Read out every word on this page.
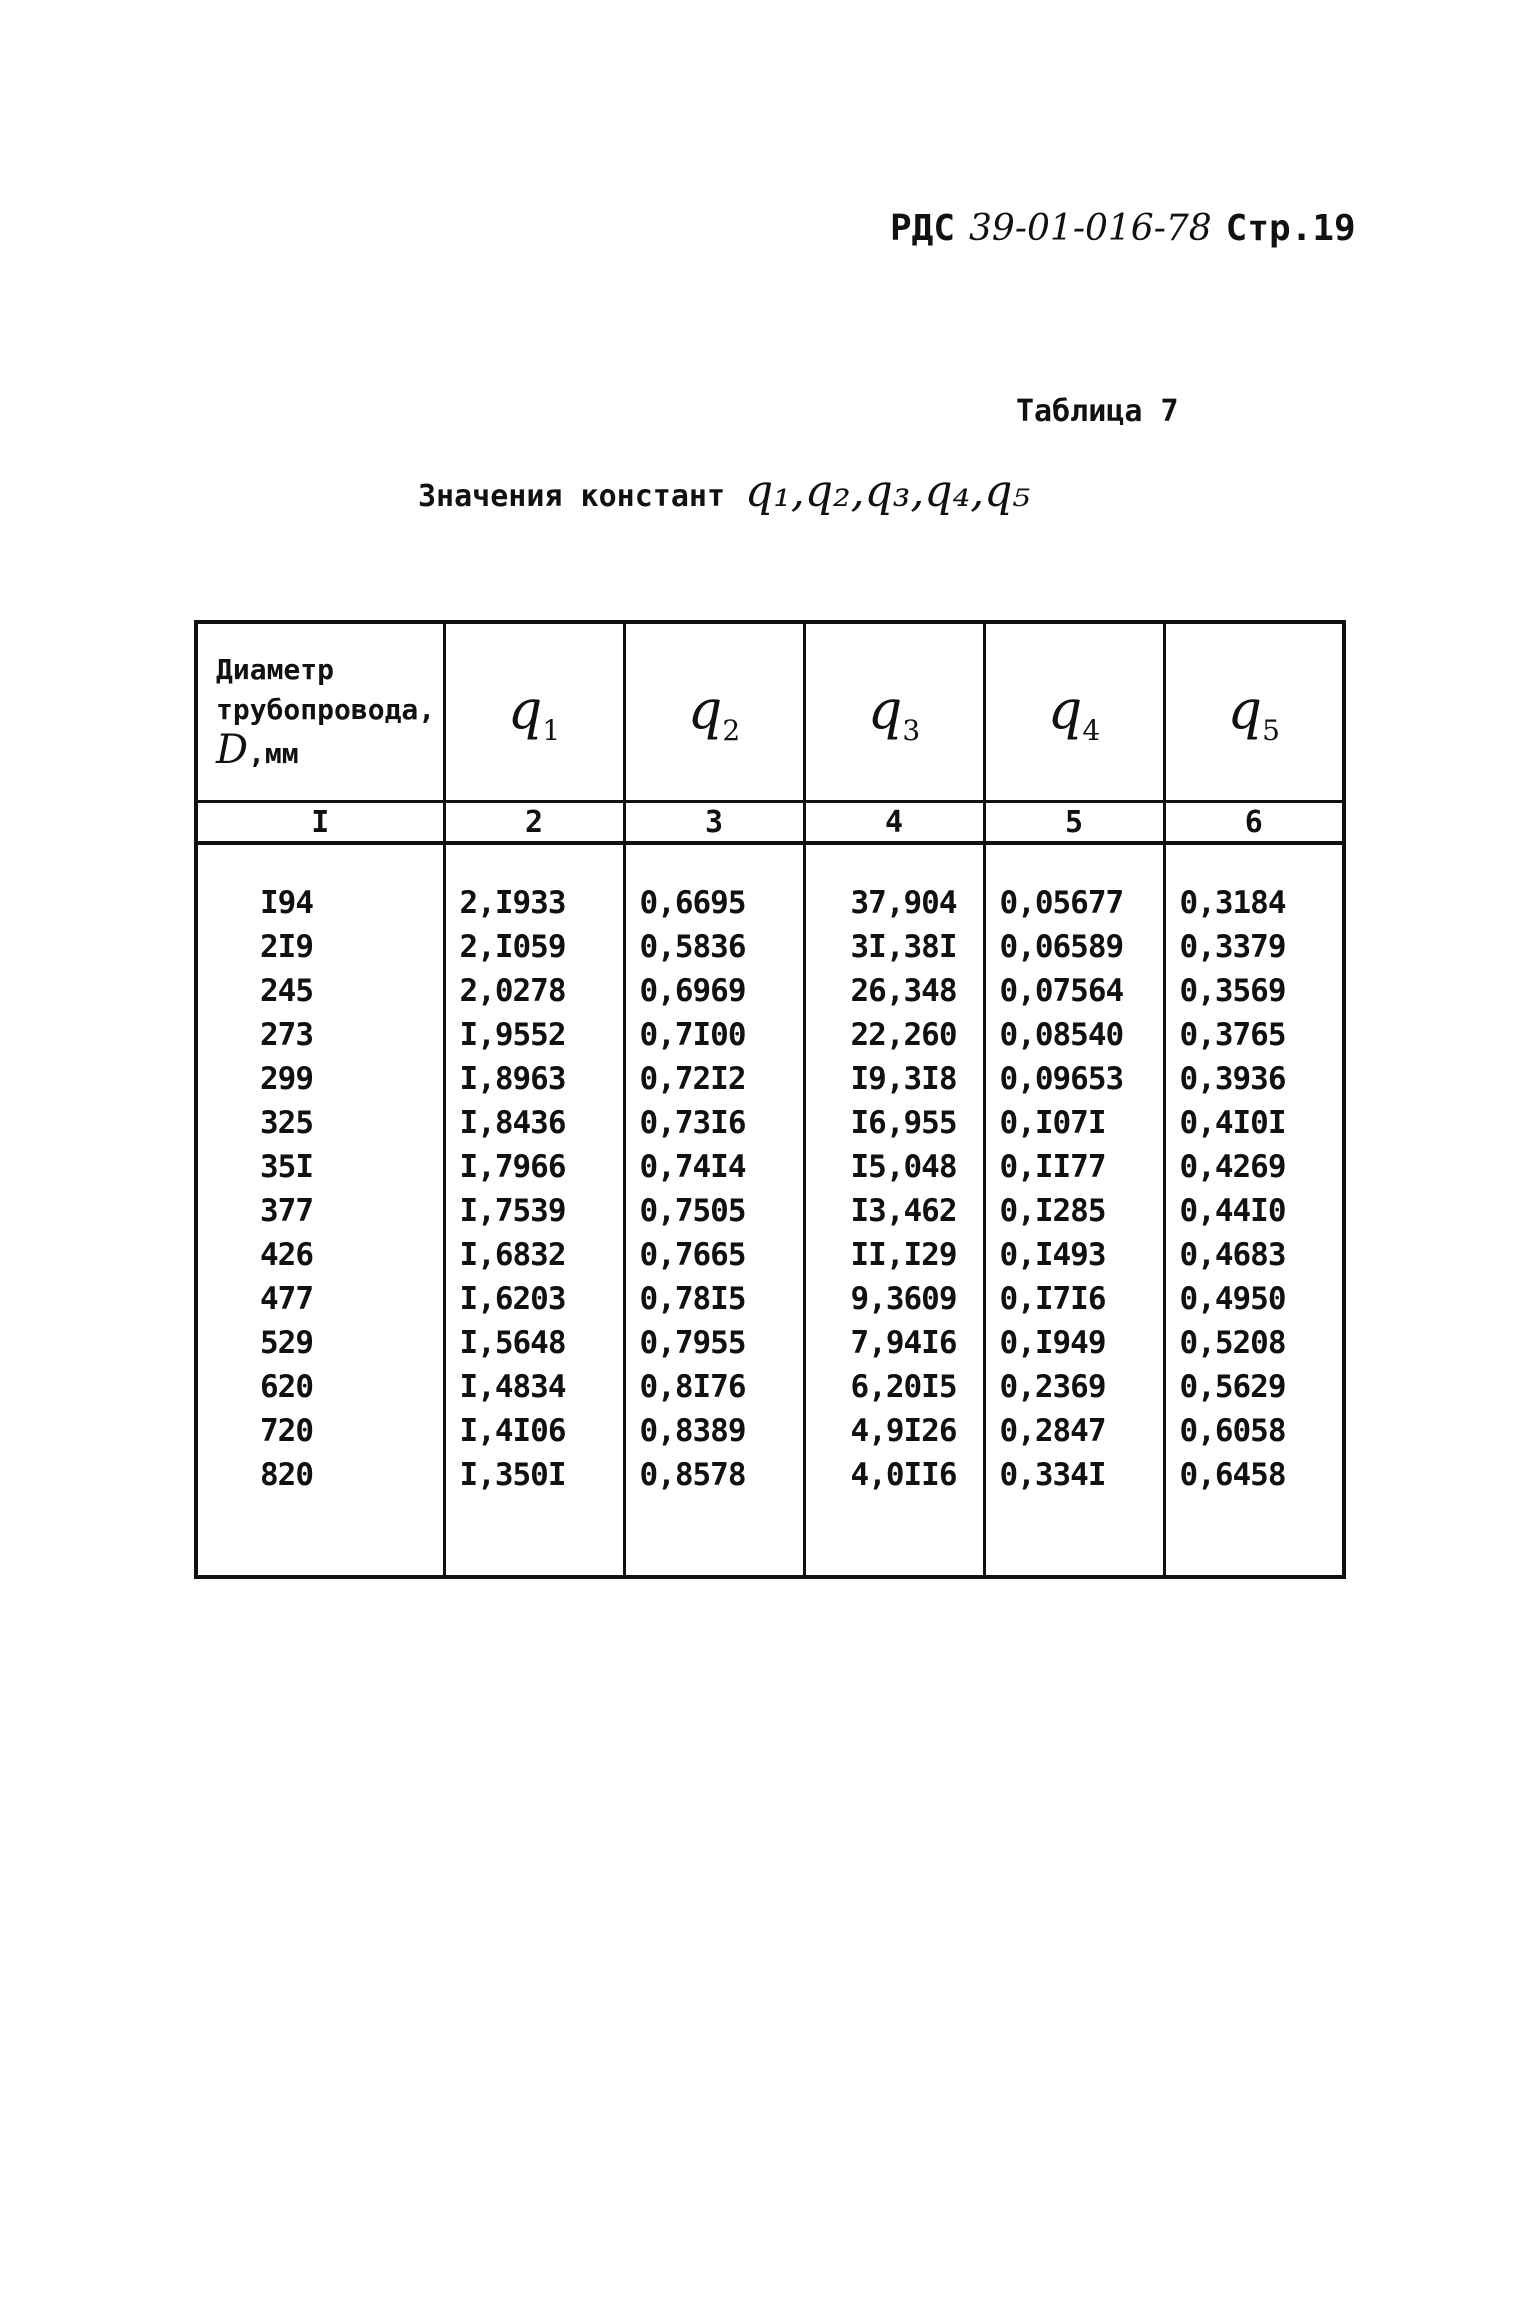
РДС 39-01-016-78 Стр.19
Таблица 7
Значения констант q₁,q₂,q₃,q₄,q₅
Диаметр
трубопровода,
D,мм	$q_1$	$q_2$	$q_3$	$q_4$	$q_5$
I	2	3	4	5	6

I94	2,I933	0,6695	37,904	0,05677	0,3184
2I9	2,I059	0,5836	3I,38I	0,06589	0,3379
245	2,0278	0,6969	26,348	0,07564	0,3569
273	I,9552	0,7I00	22,260	0,08540	0,3765
299	I,8963	0,72I2	I9,3I8	0,09653	0,3936
325	I,8436	0,73I6	I6,955	0,I07I	0,4I0I
35I	I,7966	0,74I4	I5,048	0,II77	0,4269
377	I,7539	0,7505	I3,462	0,I285	0,44I0
426	I,6832	0,7665	II,I29	0,I493	0,4683
477	I,6203	0,78I5	9,3609	0,I7I6	0,4950
529	I,5648	0,7955	7,94I6	0,I949	0,5208
620	I,4834	0,8I76	6,20I5	0,2369	0,5629
720	I,4I06	0,8389	4,9I26	0,2847	0,6058
820	I,350I	0,8578	4,0II6	0,334I	0,6458
